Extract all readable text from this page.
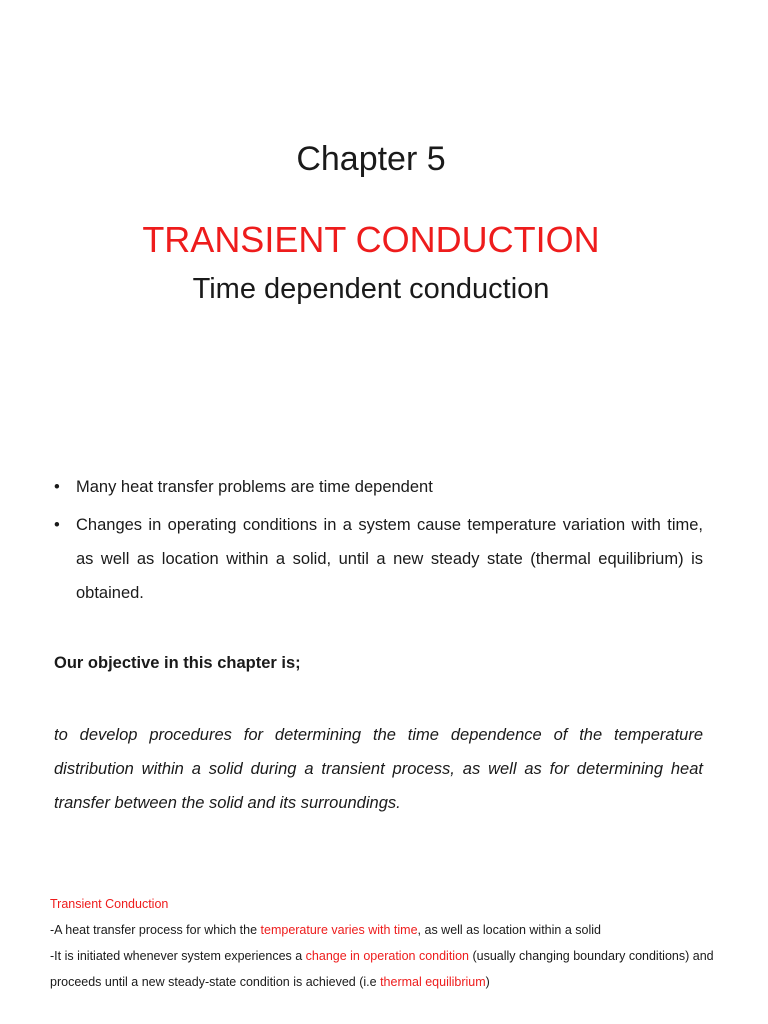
Chapter 5
TRANSIENT CONDUCTION
Time dependent conduction
• Many heat transfer problems are time dependent
• Changes in operating conditions in a system cause temperature variation with time, as well as location within a solid, until a new steady state (thermal equilibrium) is obtained.
Our objective in this chapter is;
to develop procedures for determining the time dependence of the temperature distribution within a solid during a transient process, as well as for determining heat transfer between the solid and its surroundings.

Transient Conduction

-A heat transfer process for which the temperature varies with time, as well as location within a solid

-It is initiated whenever system experiences a change in operation condition (usually changing boundary conditions) and proceeds until a new steady-state condition is achieved (i.e thermal equilibrium)
